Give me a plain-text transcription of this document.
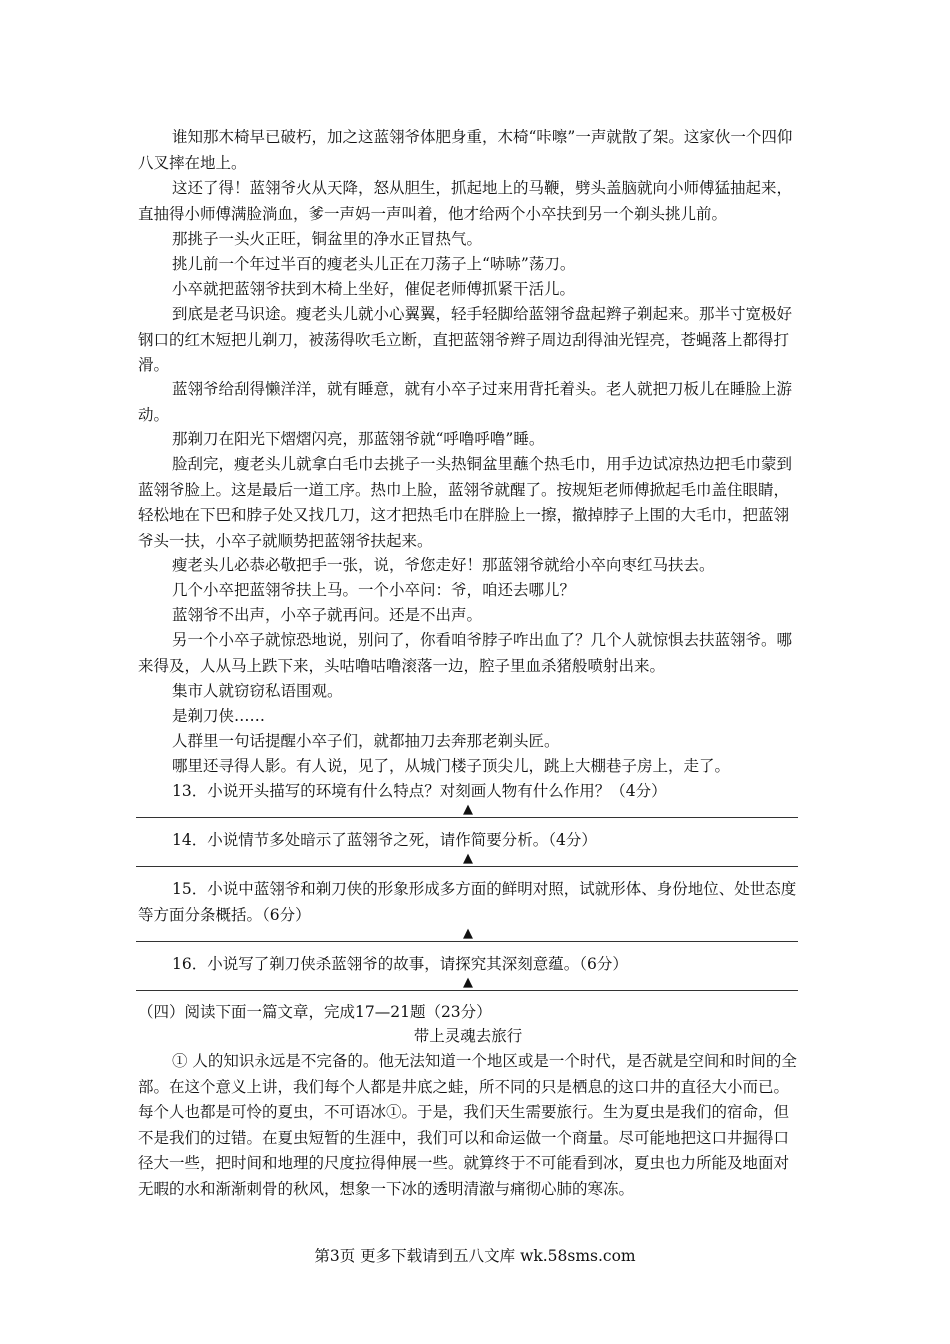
谁知那木椅早已破朽，加之这蓝翎爷体肥身重，木椅“咔嚓”一声就散了架。这家伙一个四仰八叉摔在地上。

这还了得！蓝翎爷火从天降，怒从胆生，抓起地上的马鞭，劈头盖脑就向小师傅猛抽起来，直抽得小师傅满脸淌血，爹一声妈一声叫着，他才给两个小卒扶到另一个剃头挑儿前。

那挑子一头火正旺，铜盆里的净水正冒热气。

挑儿前一个年过半百的瘦老头儿正在刀荡子上“哧哧”荡刀。

小卒就把蓝翎爷扶到木椅上坐好，催促老师傅抓紧干活儿。

到底是老马识途。瘦老头儿就小心翼翼，轻手轻脚给蓝翎爷盘起辫子剃起来。那半寸宽极好钢口的红木短把儿剃刀，被荡得吹毛立断，直把蓝翎爷辫子周边刮得油光锃亮，苍蝇落上都得打滑。

蓝翎爷给刮得懒洋洋，就有睡意，就有小卒子过来用背托着头。老人就把刀板儿在睡脸上游动。

那剃刀在阳光下熠熠闪亮，那蓝翎爷就“呼噜呼噜”睡。

脸刮完，瘦老头儿就拿白毛巾去挑子一头热铜盆里蘸个热毛巾，用手边试凉热边把毛巾蒙到蓝翎爷脸上。这是最后一道工序。热巾上脸，蓝翎爷就醒了。按规矩老师傅掀起毛巾盖住眼睛，轻松地在下巴和脖子处又找几刀，这才把热毛巾在胖脸上一擦，撤掉脖子上围的大毛巾，把蓝翎爷头一扶，小卒子就顺势把蓝翎爷扶起来。

瘦老头儿必恭必敬把手一张，说，爷您走好！那蓝翎爷就给小卒向枣红马扶去。

几个小卒把蓝翎爷扶上马。一个小卒问：爷，咱还去哪儿？

蓝翎爷不出声，小卒子就再问。还是不出声。

另一个小卒子就惊恐地说，别问了，你看咱爷脖子咋出血了？几个人就惊惧去扶蓝翎爷。哪来得及，人从马上跌下来，头咕噜咕噜滚落一边，腔子里血杀猪般喷射出来。

集市人就窃窃私语围观。

是剃刀侠……

人群里一句话提醒小卒子们，就都抽刀去奔那老剃头匠。

哪里还寻得人影。有人说，见了，从城门楼子顶尖儿，跳上大棚巷子房上，走了。

13．小说开头描写的环境有什么特点？对刻画人物有什么作用？（4分）

▲

14．小说情节多处暗示了蓝翎爷之死，请作简要分析。（4分）

▲

15．小说中蓝翎爷和剃刀侠的形象形成多方面的鲜明对照，试就形体、身份地位、处世态度等方面分条概括。（6分）

▲

16．小说写了剃刀侠杀蓝翎爷的故事，请探究其深刻意蕴。（6分）

▲

（四）阅读下面一篇文章，完成17—21题（23分）

带上灵魂去旅行

① 人的知识永远是不完备的。他无法知道一个地区或是一个时代，是否就是空间和时间的全部。在这个意义上讲，我们每个人都是井底之蛙，所不同的只是栖息的这口井的直径大小而已。每个人也都是可怜的夏虫，不可语冰①。于是，我们天生需要旅行。生为夏虫是我们的宿命，但不是我们的过错。在夏虫短暂的生涯中，我们可以和命运做一个商量。尽可能地把这口井掘得口径大一些，把时间和地理的尺度拉得伸展一些。就算终于不可能看到冰，夏虫也力所能及地面对无暇的水和渐渐刺骨的秋风，想象一下冰的透明清澈与痛彻心肺的寒冻。

第3页 更多下载请到五八文库 wk.58sms.com
